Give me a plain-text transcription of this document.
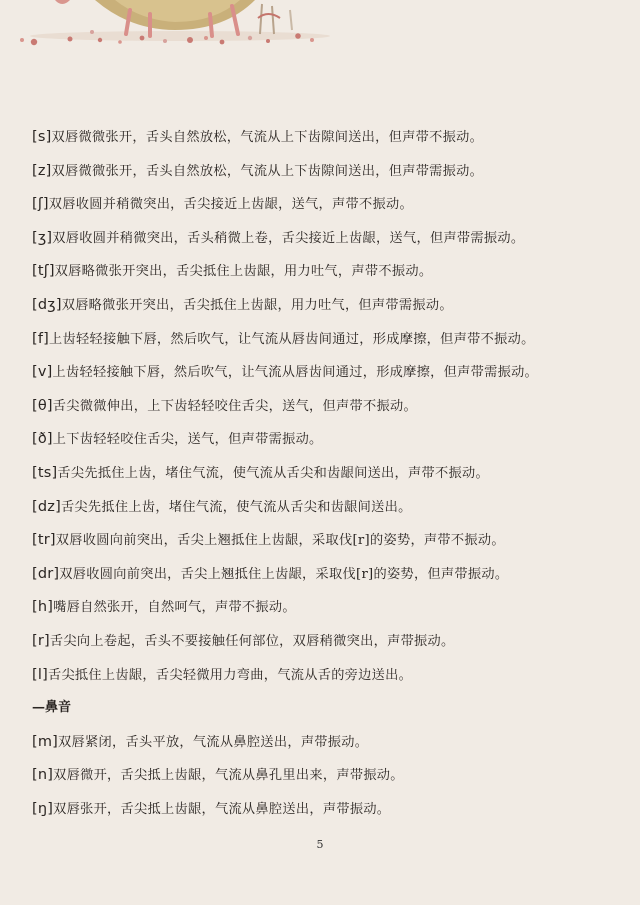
[s]双唇微微张开，舌头自然放松，气流从上下齿隙间送出，但声带不振动。
[z]双唇微微张开，舌头自然放松，气流从上下齿隙间送出，但声带需振动。
[ʃ]双唇收圆并稍微突出，舌尖接近上齿龈，送气，声带不振动。
[ʒ]双唇收圆并稍微突出，舌头稍微上卷，舌尖接近上齿龈，送气，但声带需振动。
[tʃ]双唇略微张开突出，舌尖抵住上齿龈，用力吐气，声带不振动。
[dʒ]双唇略微张开突出，舌尖抵住上齿龈，用力吐气，但声带需振动。
[f]上齿轻轻接触下唇，然后吹气，让气流从唇齿间通过，形成摩擦，但声带不振动。
[v]上齿轻轻接触下唇，然后吹气，让气流从唇齿间通过，形成摩擦，但声带需振动。
[θ]舌尖微微伸出，上下齿轻轻咬住舌尖，送气，但声带不振动。
[ð]上下齿轻轻咬住舌尖，送气，但声带需振动。
[ts]舌尖先抵住上齿，堵住气流，使气流从舌尖和齿龈间送出，声带不振动。
[dz]舌尖先抵住上齿，堵住气流，使气流从舌尖和齿龈间送出。
[tr]双唇收圆向前突出，舌尖上翘抵住上齿龈，采取伐[r]的姿势，声带不振动。
[dr]双唇收圆向前突出，舌尖上翘抵住上齿龈，采取伐[r]的姿势，但声带振动。
[h]嘴唇自然张开，自然呵气，声带不振动。
[r]舌尖向上卷起，舌头不要接触任何部位，双唇稍微突出，声带振动。
[l]舌尖抵住上齿龈，舌尖轻微用力弯曲，气流从舌的旁边送出。
—鼻音
[m]双唇紧闭，舌头平放，气流从鼻腔送出，声带振动。
[n]双唇微开，舌尖抵上齿龈，气流从鼻孔里出来，声带振动。
[ŋ]双唇张开，舌尖抵上齿龈，气流从鼻腔送出，声带振动。
5
